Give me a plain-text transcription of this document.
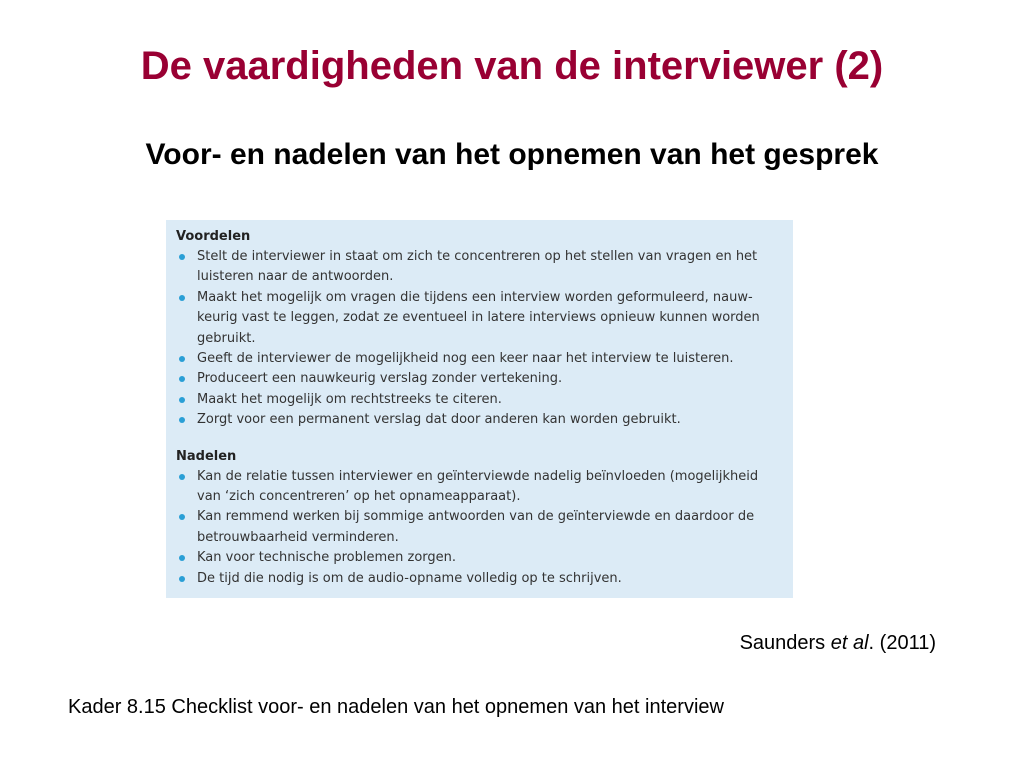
De vaardigheden van de interviewer (2)
Voor- en nadelen van het opnemen van het gesprek
Voordelen
Stelt de interviewer in staat om zich te concentreren op het stellen van vragen en het
luisteren naar de antwoorden.
Maakt het mogelijk om vragen die tijdens een interview worden geformuleerd, nauw-
keurig vast te leggen, zodat ze eventueel in latere interviews opnieuw kunnen worden
gebruikt.
Geeft de interviewer de mogelijkheid nog een keer naar het interview te luisteren.
Produceert een nauwkeurig verslag zonder vertekening.
Maakt het mogelijk om rechtstreeks te citeren.
Zorgt voor een permanent verslag dat door anderen kan worden gebruikt.
Nadelen
Kan de relatie tussen interviewer en geïnterviewde nadelig beïnvloeden (mogelijkheid
van ‘zich concentreren’ op het opnameapparaat).
Kan remmend werken bij sommige antwoorden van de geïnterviewde en daardoor de
betrouwbaarheid verminderen.
Kan voor technische problemen zorgen.
De tijd die nodig is om de audio-opname volledig op te schrijven.
Saunders et al. (2011)
Kader 8.15 Checklist voor- en nadelen van het opnemen van het interview
